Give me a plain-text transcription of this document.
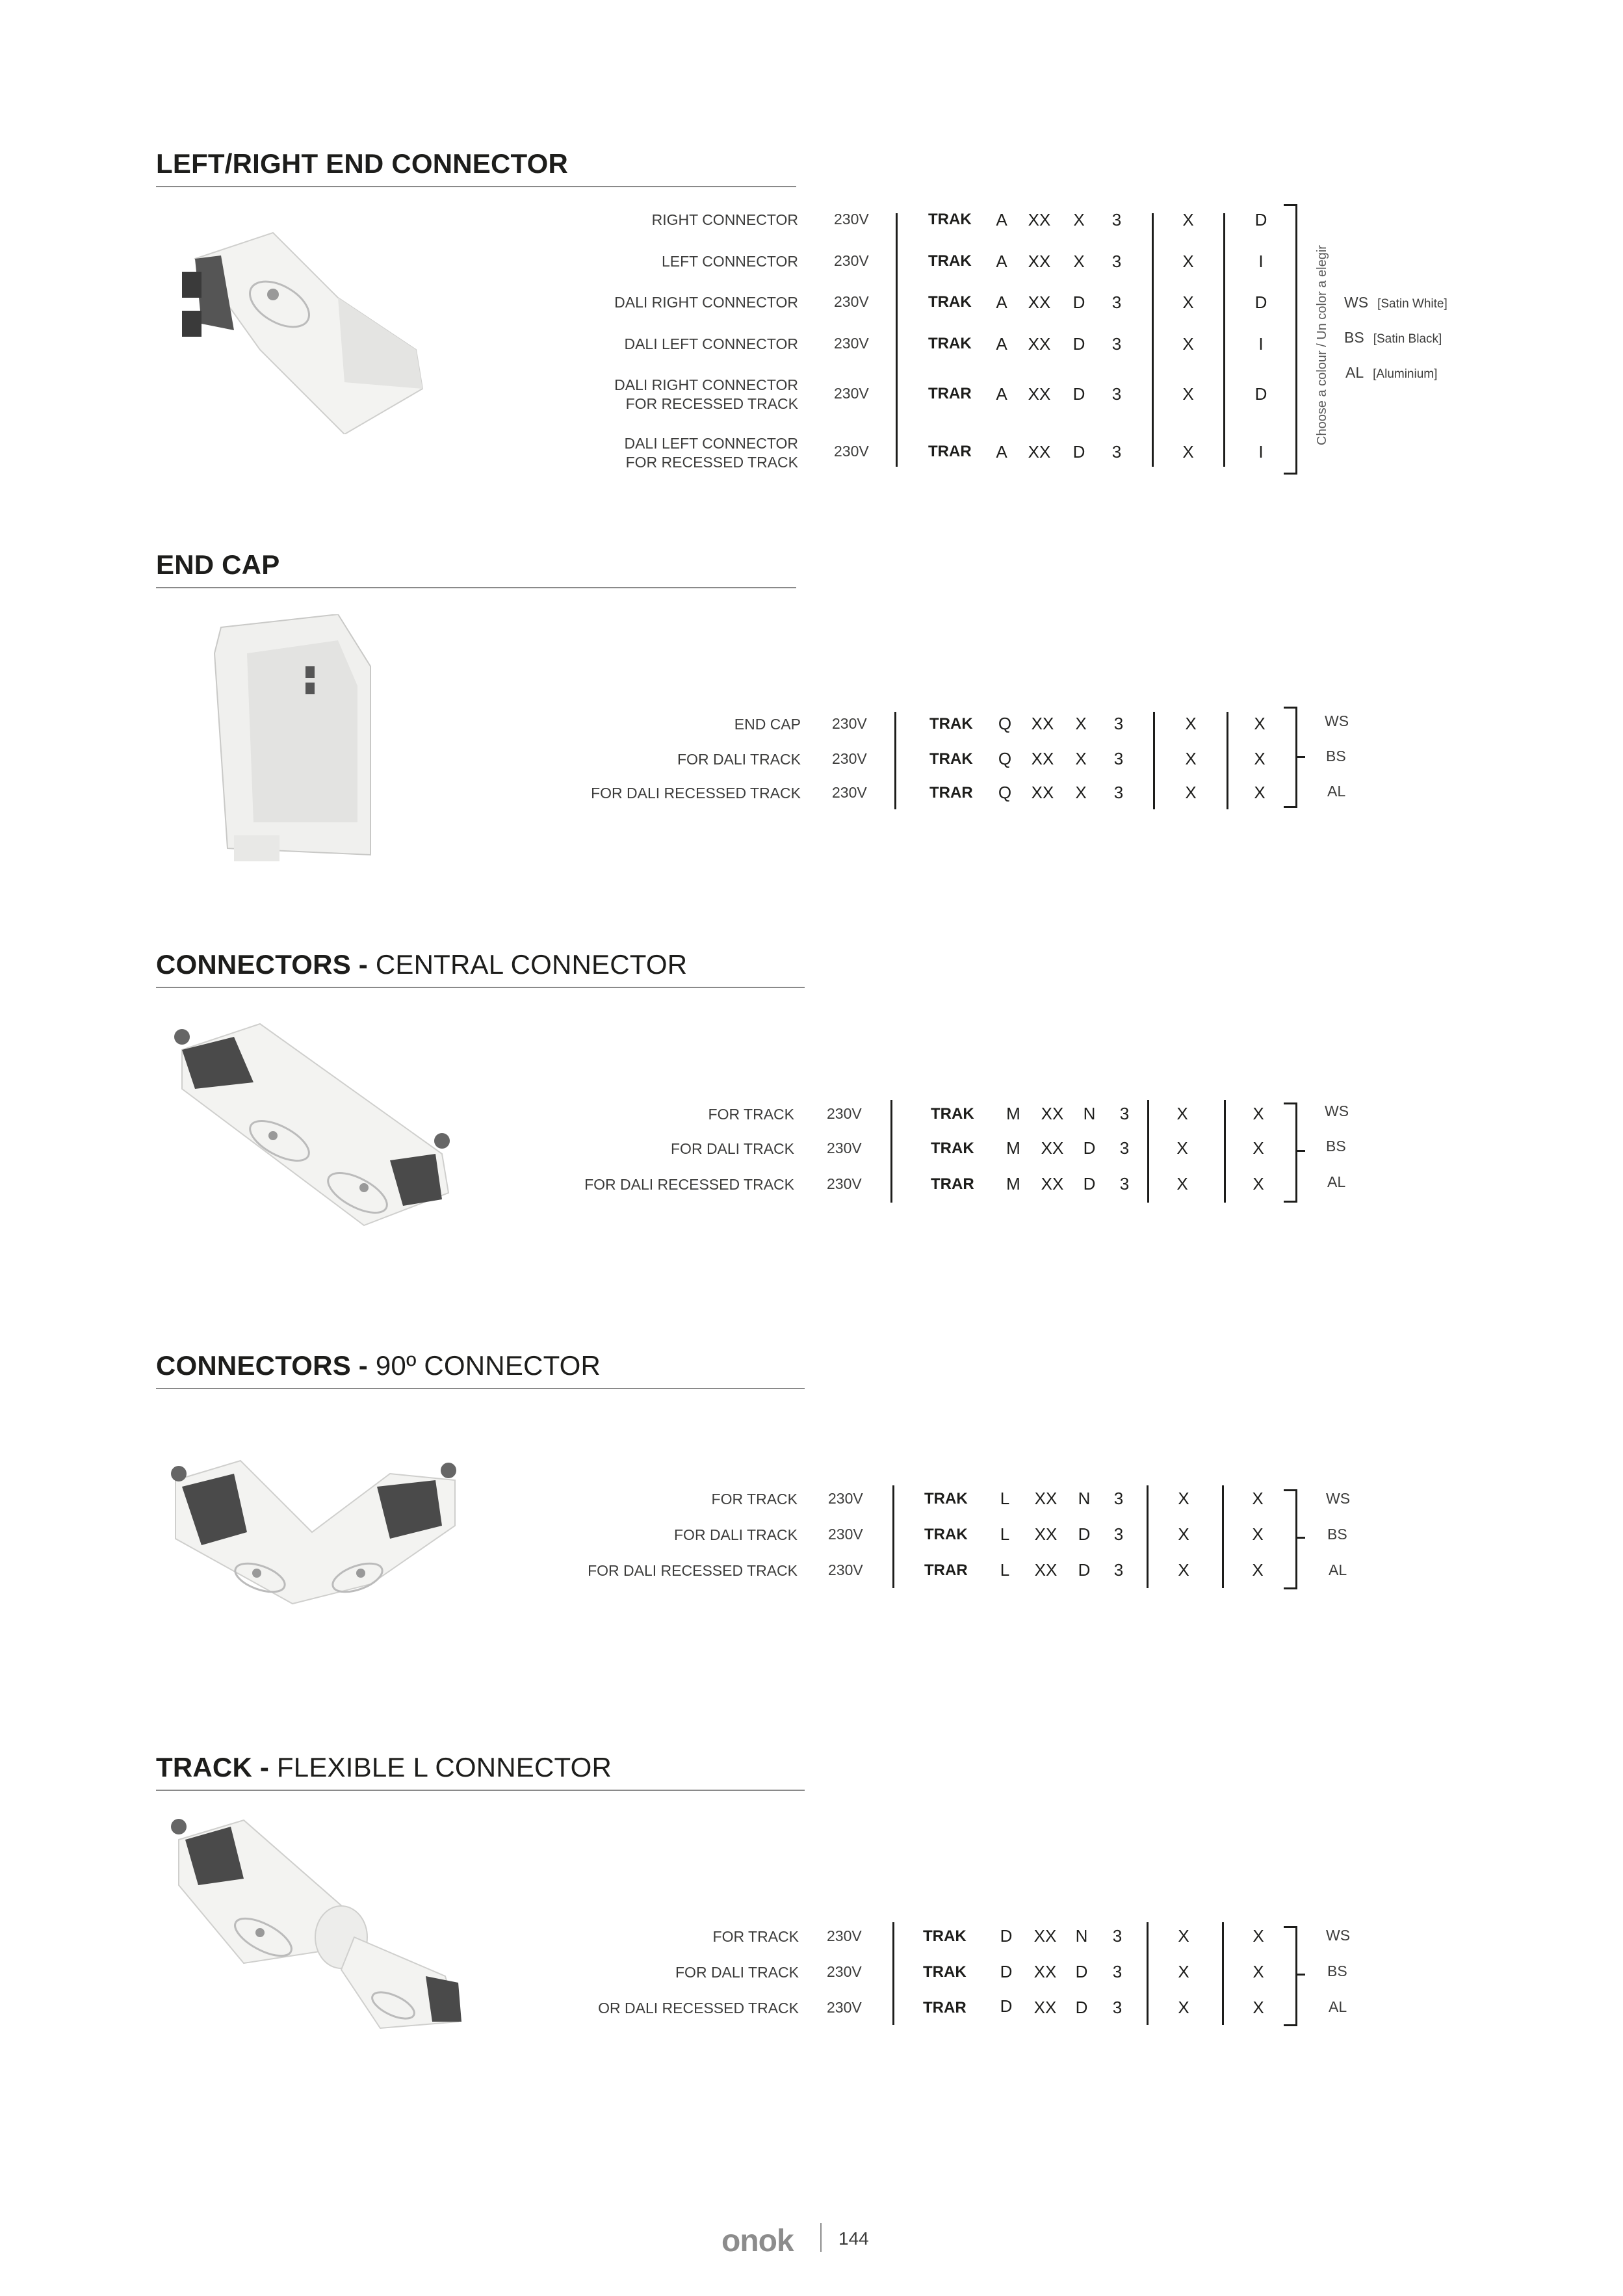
LEFT/RIGHT END CONNECTOR
RIGHT CONNECTOR 230V	TRAK	A	XX	X	3	X	D
LEFT CONNECTOR 230V	TRAK	A	XX	X	3	X	I
DALI RIGHT CONNECTOR 230V	TRAK	A	XX	D	3	X	D
DALI LEFT CONNECTOR 230V	TRAK	A	XX	D	3	X	I
DALI RIGHT CONNECTOR
FOR RECESSED TRACK
230V	TRAR	A	XX	D	3	X	D
DALI LEFT CONNECTOR
FOR RECESSED TRACK
230V	TRAR	A	XX	D	3	X	I
Choose a colour / Un color a elegir WS [Satin White]
BS [Satin Black]
AL [Aluminium]
END CAP
END CAP 230V	TRAK	Q	XX	X	3	X	X
FOR DALI TRACK 230V	TRAK	Q	XX	X	3	X	X
FOR DALI RECESSED TRACK 230V	TRAR	Q	XX	X	3	X	X
WS
BS
AL
CONNECTORS - CENTRAL CONNECTOR
FOR TRACK 230V	TRAK	M	XX	N	3	X	X
FOR DALI TRACK 230V	TRAK	M	XX	D	3	X	X
FOR DALI RECESSED TRACK 230V	TRAR	M	XX	D	3	X	X
WS
BS
AL
CONNECTORS - 90º CONNECTOR
FOR TRACK 230V	TRAK	L	XX	N	3	X	X
FOR DALI TRACK 230V	TRAK	L	XX	D	3	X	X
FOR DALI RECESSED TRACK 230V	TRAR	L	XX	D	3	X	X
WS
BS
AL
TRACK - FLEXIBLE L CONNECTOR
FOR TRACK 230V	TRAK	D	XX	N	3	X	X
FOR DALI TRACK 230V	TRAK	D	XX	D	3	X	X
OR DALI RECESSED TRACK 230V	TRAR	D	XX	D	3	X	X
WS
BS
AL
onok 144
